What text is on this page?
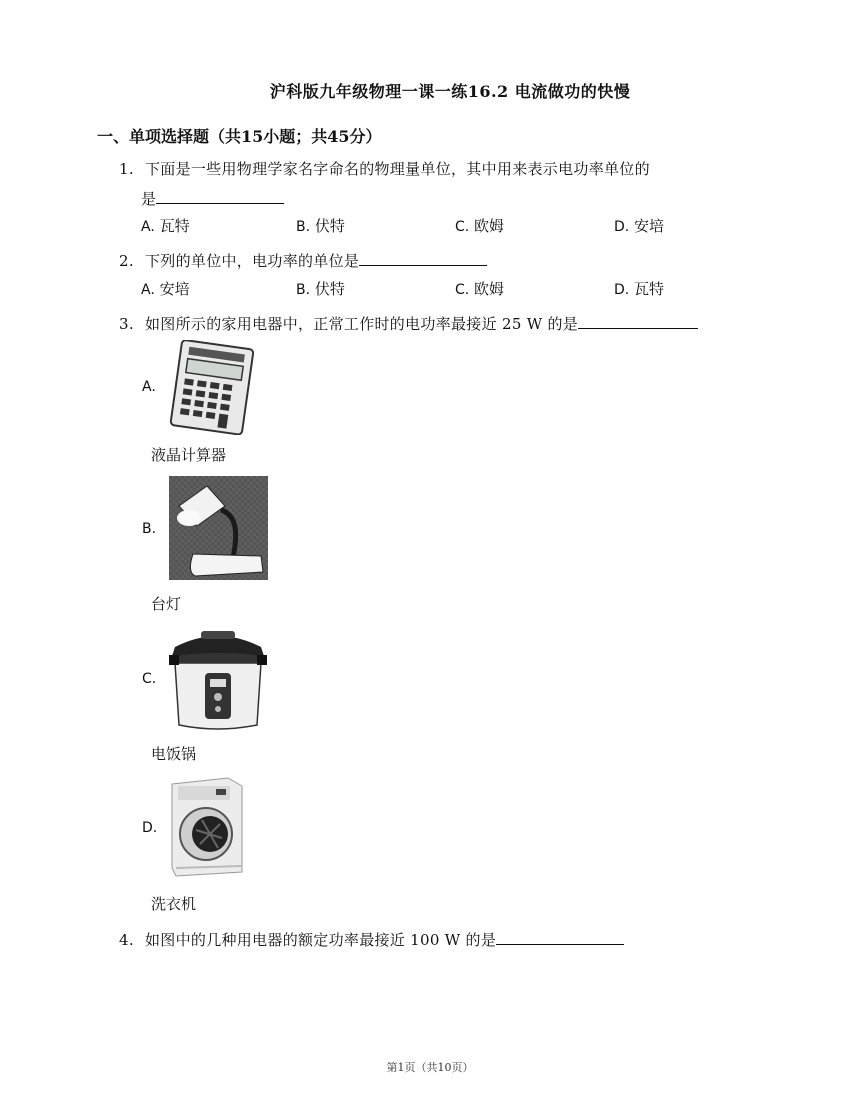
沪科版九年级物理一课一练16.2 电流做功的快慢
一、单项选择题（共15小题；共45分）
1. 下面是一些用物理学家名字命名的物理量单位，其中用来表示电功率单位的
是
A. 瓦特	B. 伏特	C. 欧姆	D. 安培
2. 下列的单位中，电功率的单位是
A. 安培	B. 伏特	C. 欧姆	D. 瓦特
3. 如图所示的家用电器中，正常工作时的电功率最接近 25 W 的是
A.
液晶计算器
B.
台灯
C.
电饭锅
D.
洗衣机
4. 如图中的几种用电器的额定功率最接近 100 W 的是
第1页（共10页）
